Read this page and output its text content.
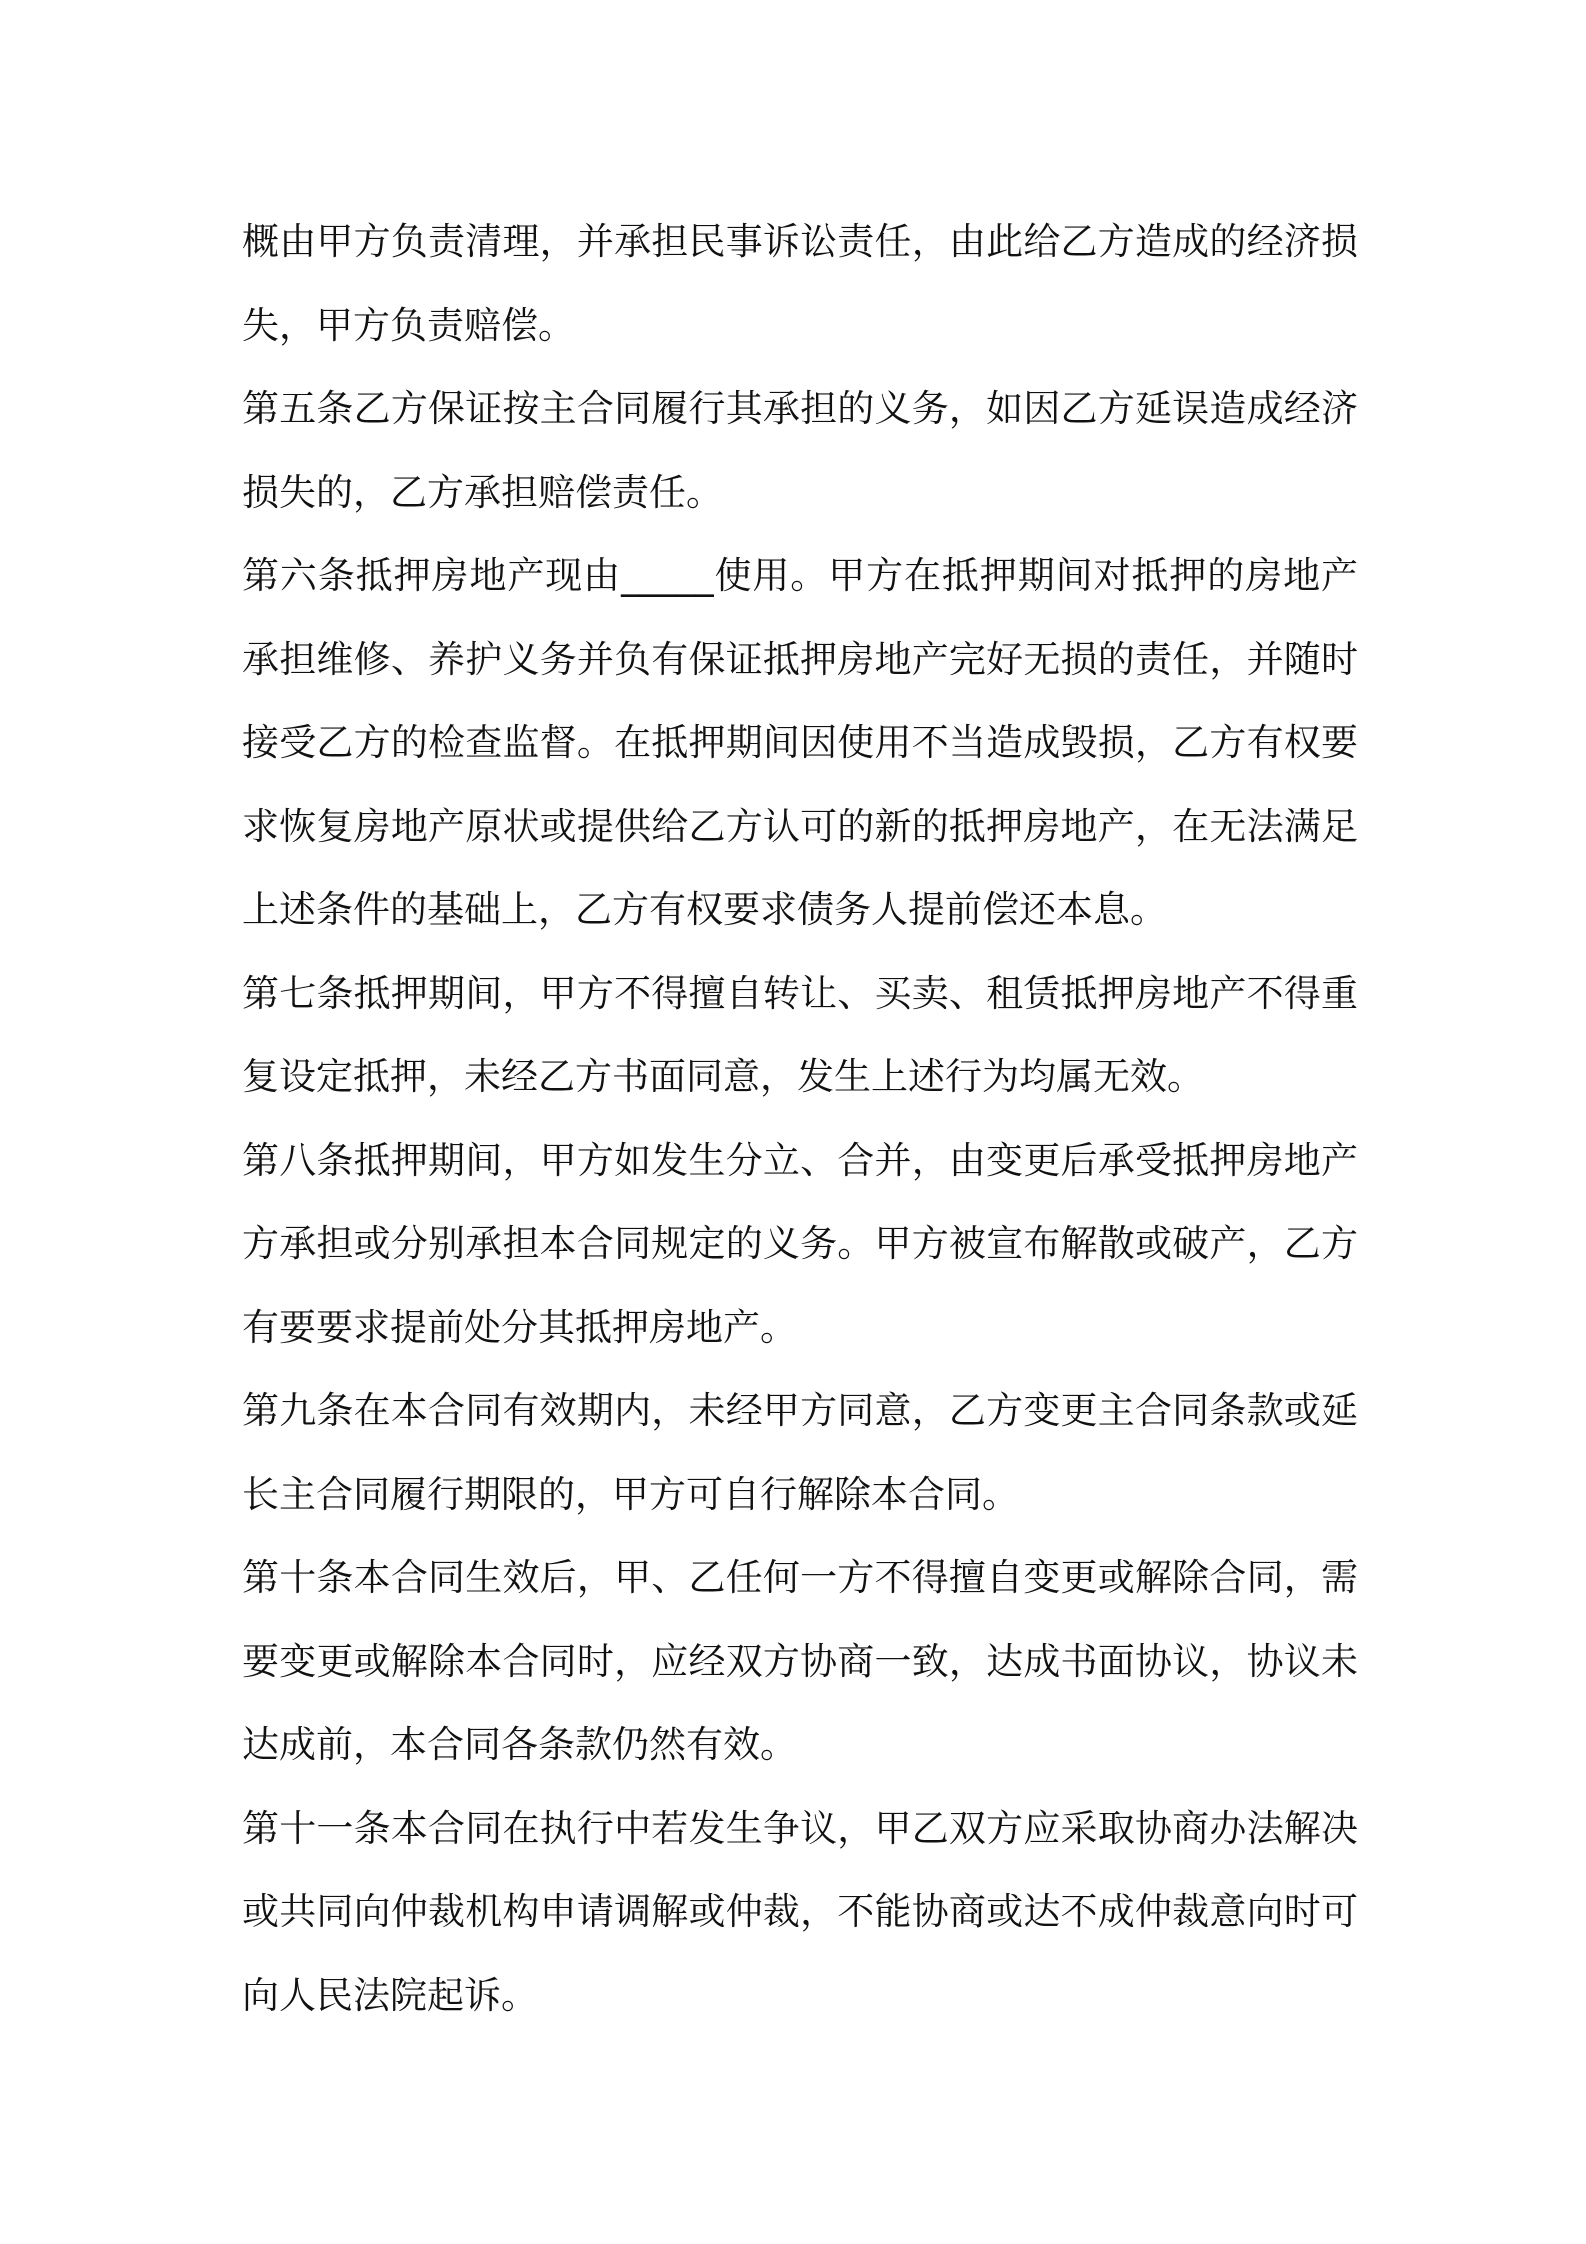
概由甲方负责清理，并承担民事诉讼责任，由此给乙方造成的经济损失，甲方负责赔偿。

第五条乙方保证按主合同履行其承担的义务，如因乙方延误造成经济损失的，乙方承担赔偿责任。

第六条抵押房地产现由_____使用。甲方在抵押期间对抵押的房地产承担维修、养护义务并负有保证抵押房地产完好无损的责任，并随时接受乙方的检查监督。在抵押期间因使用不当造成毁损，乙方有权要求恢复房地产原状或提供给乙方认可的新的抵押房地产，在无法满足上述条件的基础上，乙方有权要求债务人提前偿还本息。

第七条抵押期间，甲方不得擅自转让、买卖、租赁抵押房地产不得重复设定抵押，未经乙方书面同意，发生上述行为均属无效。

第八条抵押期间，甲方如发生分立、合并，由变更后承受抵押房地产方承担或分别承担本合同规定的义务。甲方被宣布解散或破产，乙方有要要求提前处分其抵押房地产。

第九条在本合同有效期内，未经甲方同意，乙方变更主合同条款或延长主合同履行期限的，甲方可自行解除本合同。

第十条本合同生效后，甲、乙任何一方不得擅自变更或解除合同，需要变更或解除本合同时，应经双方协商一致，达成书面协议，协议未达成前，本合同各条款仍然有效。

第十一条本合同在执行中若发生争议，甲乙双方应采取协商办法解决或共同向仲裁机构申请调解或仲裁，不能协商或达不成仲裁意向时可向人民法院起诉。
